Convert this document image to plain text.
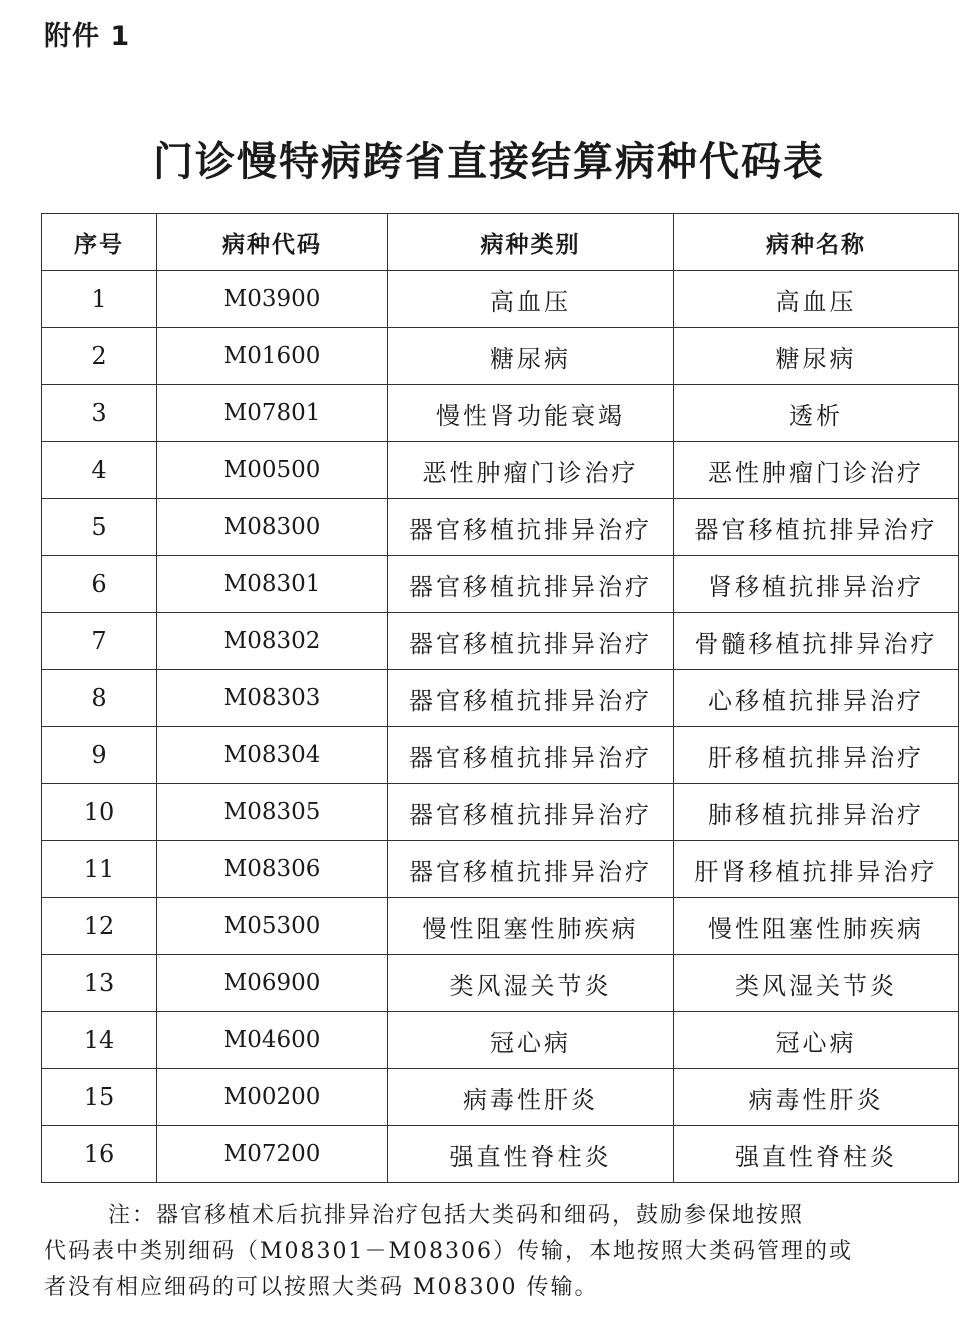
附件 1
门诊慢特病跨省直接结算病种代码表
序号	病种代码	病种类别	病种名称
1	M03900	高血压	高血压
2	M01600	糖尿病	糖尿病
3	M07801	慢性肾功能衰竭	透析
4	M00500	恶性肿瘤门诊治疗	恶性肿瘤门诊治疗
5	M08300	器官移植抗排异治疗	器官移植抗排异治疗
6	M08301	器官移植抗排异治疗	肾移植抗排异治疗
7	M08302	器官移植抗排异治疗	骨髓移植抗排异治疗
8	M08303	器官移植抗排异治疗	心移植抗排异治疗
9	M08304	器官移植抗排异治疗	肝移植抗排异治疗
10	M08305	器官移植抗排异治疗	肺移植抗排异治疗
11	M08306	器官移植抗排异治疗	肝肾移植抗排异治疗
12	M05300	慢性阻塞性肺疾病	慢性阻塞性肺疾病
13	M06900	类风湿关节炎	类风湿关节炎
14	M04600	冠心病	冠心病
15	M00200	病毒性肝炎	病毒性肝炎
16	M07200	强直性脊柱炎	强直性脊柱炎
注：器官移植术后抗排异治疗包括大类码和细码，鼓励参保地按照
代码表中类别细码（M08301－M08306）传输，本地按照大类码管理的或
者没有相应细码的可以按照大类码 M08300 传输。
